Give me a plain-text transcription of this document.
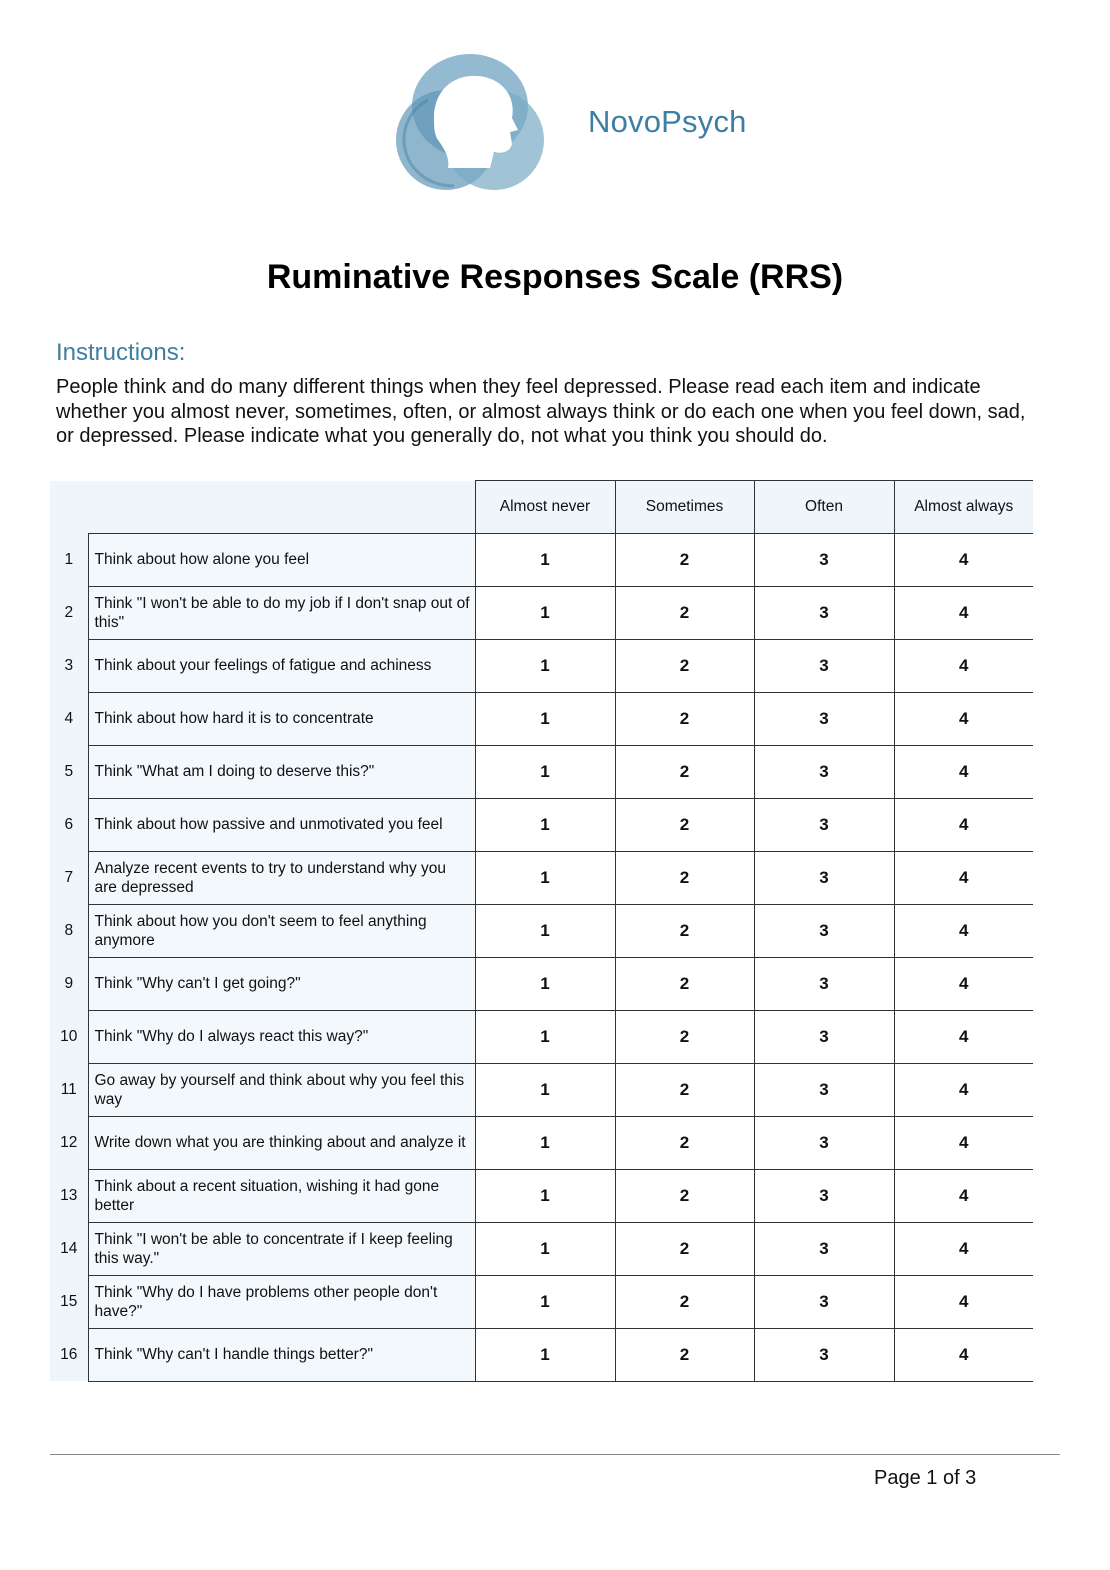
NovoPsych
Ruminative Responses Scale (RRS)
Instructions:
People think and do many different things when they feel depressed. Please read each item and indicate whether you almost never, sometimes, often, or almost always think or do each one when you feel down, sad, or depressed. Please indicate what you generally do, not what you think you should do.
		Almost never	Sometimes	Often	Almost always
1	Think about how alone you feel	1	2	3	4
2	Think "I won't be able to do my job if I don't snap out of this"	1	2	3	4
3	Think about your feelings of fatigue and achiness	1	2	3	4
4	Think about how hard it is to concentrate	1	2	3	4
5	Think "What am I doing to deserve this?"	1	2	3	4
6	Think about how passive and unmotivated you feel	1	2	3	4
7	Analyze recent events to try to understand why you are depressed	1	2	3	4
8	Think about how you don't seem to feel anything anymore	1	2	3	4
9	Think "Why can't I get going?"	1	2	3	4
10	Think "Why do I always react this way?"	1	2	3	4
11	Go away by yourself and think about why you feel this way	1	2	3	4
12	Write down what you are thinking about and analyze it	1	2	3	4
13	Think about a recent situation, wishing it had gone better	1	2	3	4
14	Think "I won't be able to concentrate if I keep feeling this way."	1	2	3	4
15	Think "Why do I have problems other people don't have?"	1	2	3	4
16	Think "Why can't I handle things better?"	1	2	3	4
Page 1 of 3
